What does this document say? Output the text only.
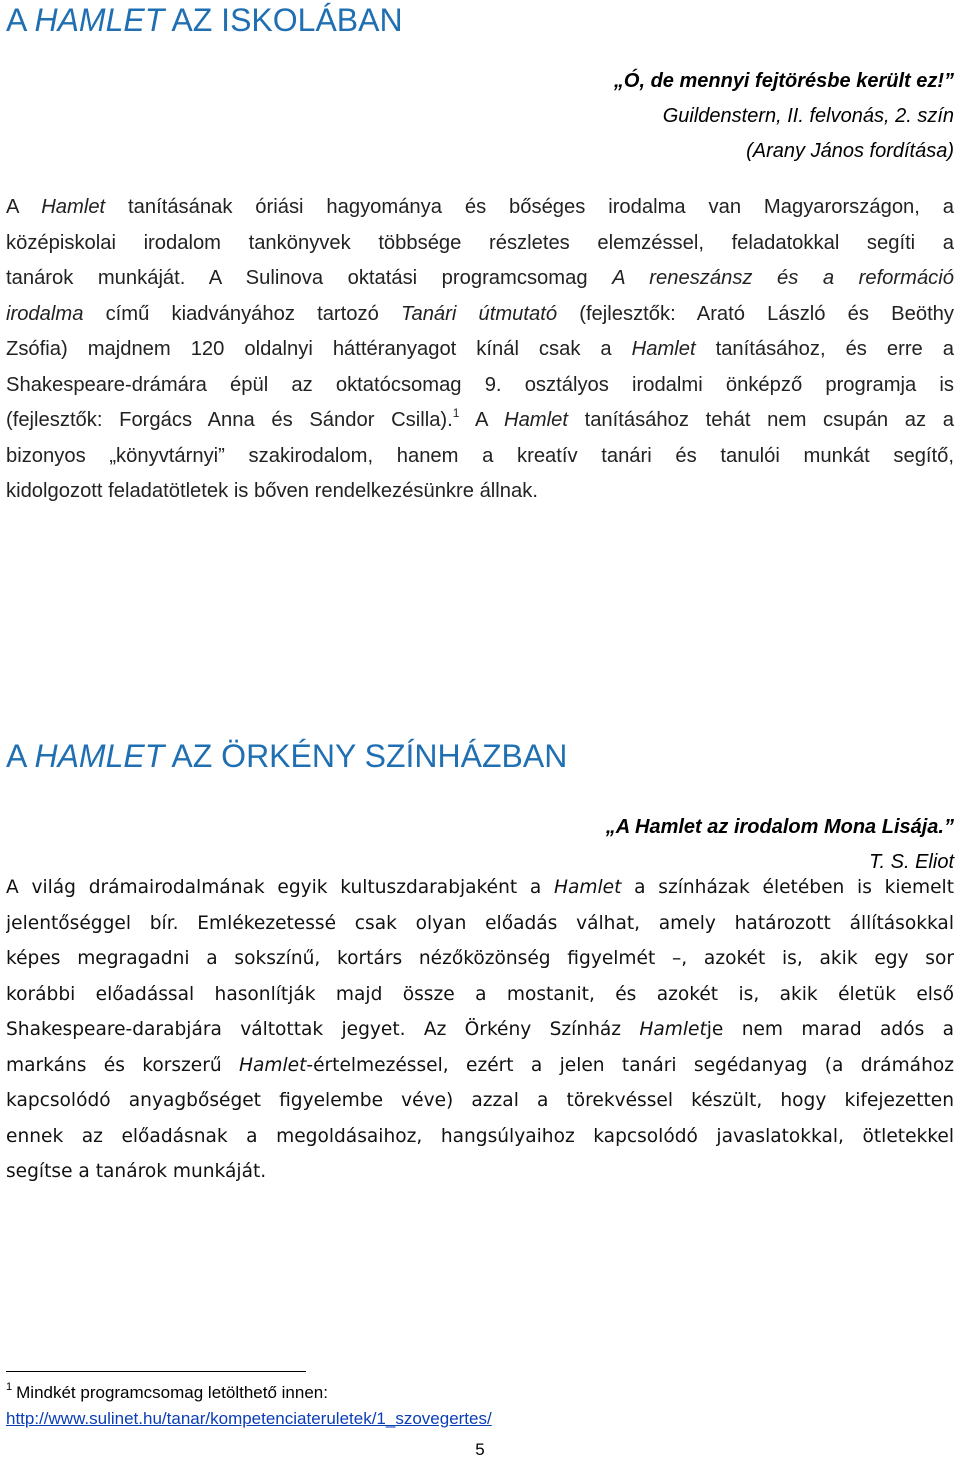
A HAMLET AZ ISKOLÁBAN
„Ó, de mennyi fejtörésbe került ez!”
Guildenstern, II. felvonás, 2. szín
(Arany János fordítása)

A Hamlet tanításának óriási hagyománya és bőséges irodalma van Magyarországon, a
középiskolai irodalom tankönyvek többsége részletes elemzéssel, feladatokkal segíti a
tanárok munkáját. A Sulinova oktatási programcsomag A reneszánsz és a reformáció
irodalma című kiadványához tartozó Tanári útmutató (fejlesztők: Arató László és Beöthy
Zsófia) majdnem 120 oldalnyi háttéranyagot kínál csak a Hamlet tanításához, és erre a
Shakespeare-drámára épül az oktatócsomag 9. osztályos irodalmi önképző programja is
(fejlesztők: Forgács Anna és Sándor Csilla).$^1$ A Hamlet tanításához tehát nem csupán az a
bizonyos „könyvtárnyi” szakirodalom, hanem a kreatív tanári és tanulói munkát segítő,
kidolgozott feladatötletek is bőven rendelkezésünkre állnak.

A HAMLET AZ ÖRKÉNY SZÍNHÁZBAN
„A Hamlet az irodalom Mona Lisája.”
T. S. Eliot

A világ drámairodalmának egyik kultuszdarabjaként a Hamlet a színházak életében is kiemelt
jelentőséggel bír. Emlékezetessé csak olyan előadás válhat, amely határozott állításokkal
képes megragadni a sokszínű, kortárs nézőközönség figyelmét –, azokét is, akik egy sor
korábbi előadással hasonlítják majd össze a mostanit, és azokét is, akik életük első
Shakespeare-darabjára váltottak jegyet. Az Örkény Színház Hamletje nem marad adós a
markáns és korszerű Hamlet-értelmezéssel, ezért a jelen tanári segédanyag (a drámához
kapcsolódó anyagbőséget figyelembe véve) azzal a törekvéssel készült, hogy kifejezetten
ennek az előadásnak a megoldásaihoz, hangsúlyaihoz kapcsolódó javaslatokkal, ötletekkel
segítse a tanárok munkáját.

$^1$ Mindkét programcsomag letölthető innen:
http://www.sulinet.hu/tanar/kompetenciateruletek/1_szovegertes/
5
